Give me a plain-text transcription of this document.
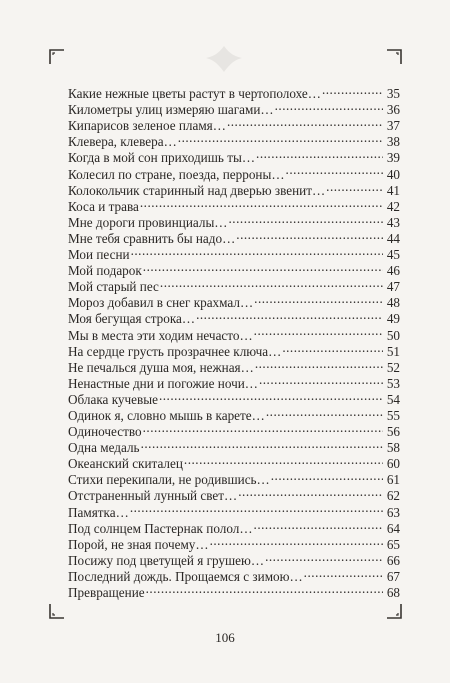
Какие нежные цветы растут в чертополохе… .....	35
Километры улиц измеряю шагами… .....	36
Кипарисов зеленое пламя… .....	37
Клевера, клевера… .....	38
Когда в мой сон приходишь ты… .....	39
Колесил по стране, поезда, перроны… .....	40
Колокольчик старинный над дверью звенит… .....	41
Коса и трава .....	42
Мне дороги провинциалы… .....	43
Мне тебя сравнить бы надо… .....	44
Мои песни .....	45
Мой подарок .....	46
Мой старый пес .....	47
Мороз добавил в снег крахмал… .....	48
Моя бегущая строка… .....	49
Мы в места эти ходим нечасто… .....	50
На сердце грусть прозрачнее ключа… .....	51
Не печалься душа моя, нежная… .....	52
Ненастные дни и погожие ночи… .....	53
Облака кучевые .....	54
Одинок я, словно мышь в карете… .....	55
Одиночество .....	56
Одна медаль .....	58
Океанский скиталец .....	60
Стихи перекипали, не родившись… .....	61
Отстраненный лунный свет… .....	62
Памятка… .....	63
Под солнцем Пастернак полол… .....	64
Порой, не зная почему… .....	65
Посижу под цветущей я грушею… .....	66
Последний дождь. Прощаемся с зимою… .....	67
Превращение .....	68
106
